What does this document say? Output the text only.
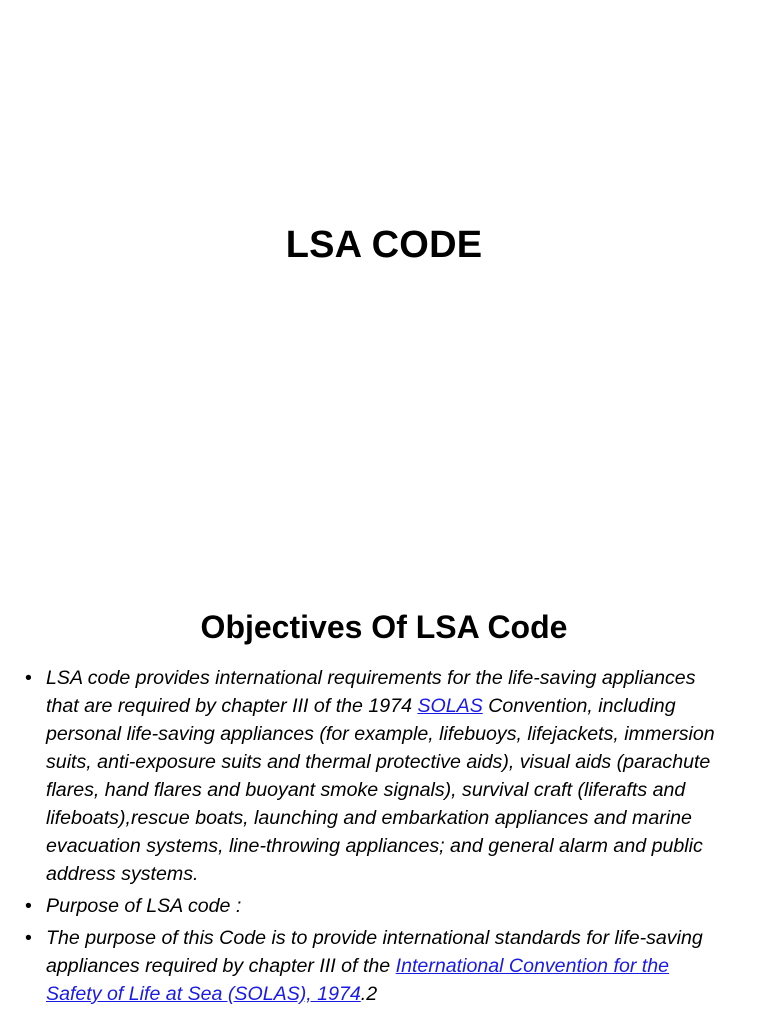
LSA CODE
Objectives Of LSA Code
• LSA code provides international requirements for the life-saving appliances that are required by chapter III of the 1974 SOLAS Convention, including personal life-saving appliances (for example, lifebuoys, lifejackets, immersion suits, anti-exposure suits and thermal protective aids), visual aids (parachute flares, hand flares and buoyant smoke signals), survival craft (liferafts and lifeboats),rescue boats, launching and embarkation appliances and marine evacuation systems, line-throwing appliances; and general alarm and public address systems.
• Purpose of LSA code :
• The purpose of this Code is to provide international standards for life-saving appliances required by chapter III of the International Convention for the Safety of Life at Sea (SOLAS), 1974.2
